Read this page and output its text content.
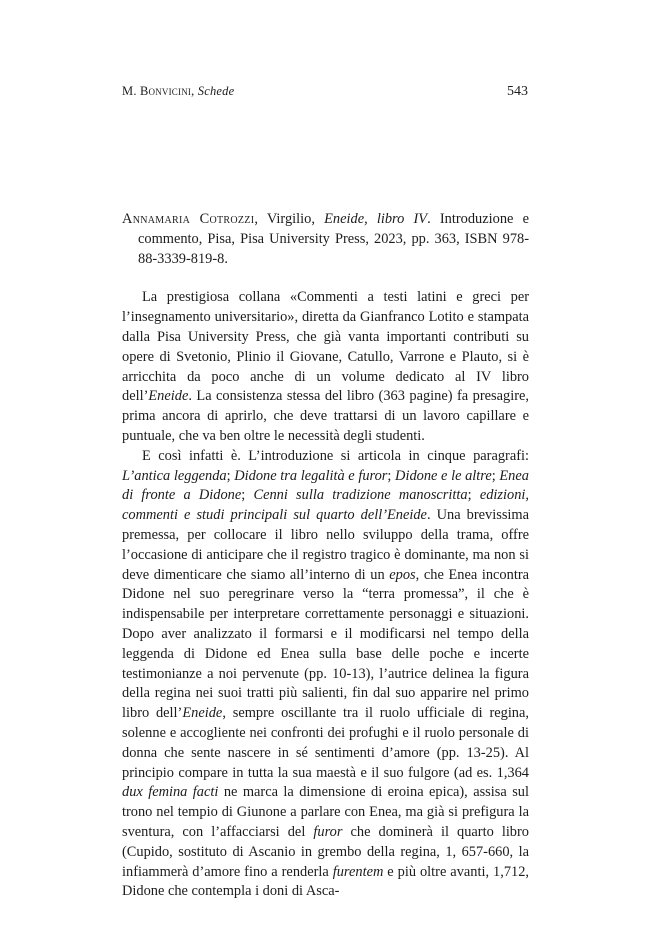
M. Bonvicini, Schede	543

Annamaria Cotrozzi, Virgilio, Eneide, libro IV. Introduzione e commento, Pisa, Pisa University Press, 2023, pp. 363, ISBN 978-88-3339-819-8.

La prestigiosa collana «Commenti a testi latini e greci per l’insegnamento universitario», diretta da Gianfranco Lotito e stampata dalla Pisa University Press, che già vanta importanti contributi su opere di Svetonio, Plinio il Giovane, Catullo, Varrone e Plauto, si è arricchita da poco anche di un volume dedicato al IV libro dell’Eneide. La consistenza stessa del libro (363 pagine) fa presagire, prima ancora di aprirlo, che deve trattarsi di un lavoro capillare e puntuale, che va ben oltre le necessità degli studenti.

E così infatti è. L’introduzione si articola in cinque paragrafi: L’antica leggenda; Didone tra legalità e furor; Didone e le altre; Enea di fronte a Didone; Cenni sulla tradizione manoscritta; edizioni, commenti e studi principali sul quarto dell’Eneide. Una brevissima premessa, per collocare il libro nello sviluppo della trama, offre l’occasione di anticipare che il registro tragico è dominante, ma non si deve dimenticare che siamo all’interno di un epos, che Enea incontra Didone nel suo peregrinare verso la “terra promessa”, il che è indispensabile per interpretare correttamente personaggi e situazioni. Dopo aver analizzato il formarsi e il modificarsi nel tempo della leggenda di Didone ed Enea sulla base delle poche e incerte testimonianze a noi pervenute (pp. 10-13), l’autrice delinea la figura della regina nei suoi tratti più salienti, fin dal suo apparire nel primo libro dell’Eneide, sempre oscillante tra il ruolo ufficiale di regina, solenne e accogliente nei confronti dei profughi e il ruolo personale di donna che sente nascere in sé sentimenti d’amore (pp. 13-25). Al principio compare in tutta la sua maestà e il suo fulgore (ad es. 1,364 dux femina facti ne marca la dimensione di eroina epica), assisa sul trono nel tempio di Giunone a parlare con Enea, ma già si prefigura la sventura, con l’affacciarsi del furor che dominerà il quarto libro (Cupido, sostituto di Ascanio in grembo della regina, 1, 657-660, la infiammerà d’amore fino a renderla furentem e più oltre avanti, 1,712, Didone che contempla i doni di Asca-
